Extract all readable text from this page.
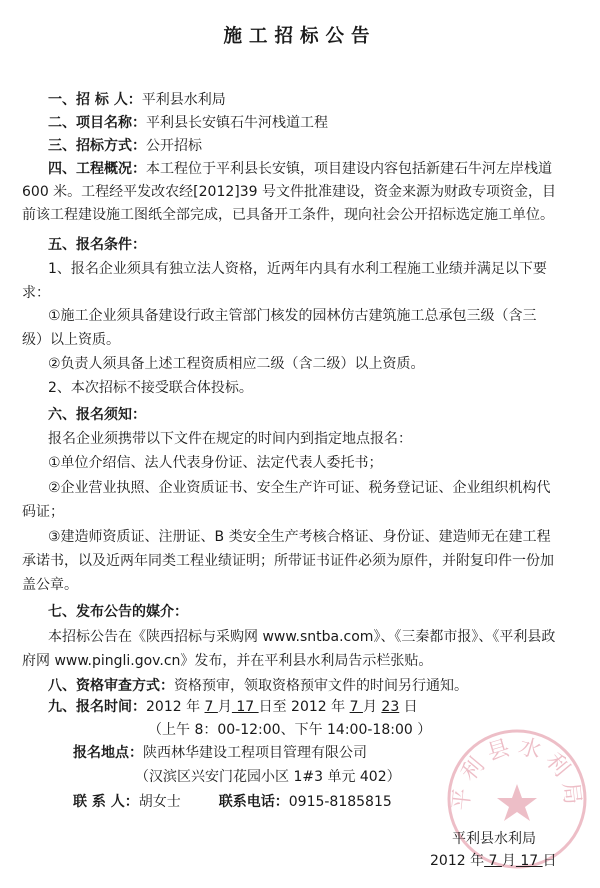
施工招标公告
一、招 标 人：平利县水利局
二、项目名称：平利县长安镇石牛河栈道工程
三、招标方式：公开招标
四、工程概况：本工程位于平利县长安镇，项目建设内容包括新建石牛河左岸栈道
600 米。工程经平发改农经[2012]39 号文件批准建设，资金来源为财政专项资金，目
前该工程建设施工图纸全部完成，已具备开工条件，现向社会公开招标选定施工单位。
五、报名条件：
1、报名企业须具有独立法人资格，近两年内具有水利工程施工业绩并满足以下要
求：
①施工企业须具备建设行政主管部门核发的园林仿古建筑施工总承包三级（含三
级）以上资质。
②负责人须具备上述工程资质相应二级（含二级）以上资质。
2、本次招标不接受联合体投标。
六、报名须知：
报名企业须携带以下文件在规定的时间内到指定地点报名：
①单位介绍信、法人代表身份证、法定代表人委托书；
②企业营业执照、企业资质证书、安全生产许可证、税务登记证、企业组织机构代
码证；
③建造师资质证、注册证、B 类安全生产考核合格证、身份证、建造师无在建工程
承诺书，以及近两年同类工程业绩证明；所带证书证件必须为原件，并附复印件一份加
盖公章。
七、发布公告的媒介：
本招标公告在《陕西招标与采购网 www.sntba.com》、《三秦都市报》、《平利县政
府网 www.pingli.gov.cn》发布，并在平利县水利局告示栏张贴。
八、资格审查方式：资格预审，领取资格预审文件的时间另行通知。
九、报名时间：2012 年 7 月 17 日至 2012 年 7 月 23 日
（上午 8：00-12:00、下午 14:00-18:00 ）
报名地点：陕西林华建设工程项目管理有限公司
（汉滨区兴安门花园小区 1#3 单元 402）
联 系 人：胡女士	联系电话：0915-8185815	平利县水利局
平利县水利局
2012 年 7 月 17 日
